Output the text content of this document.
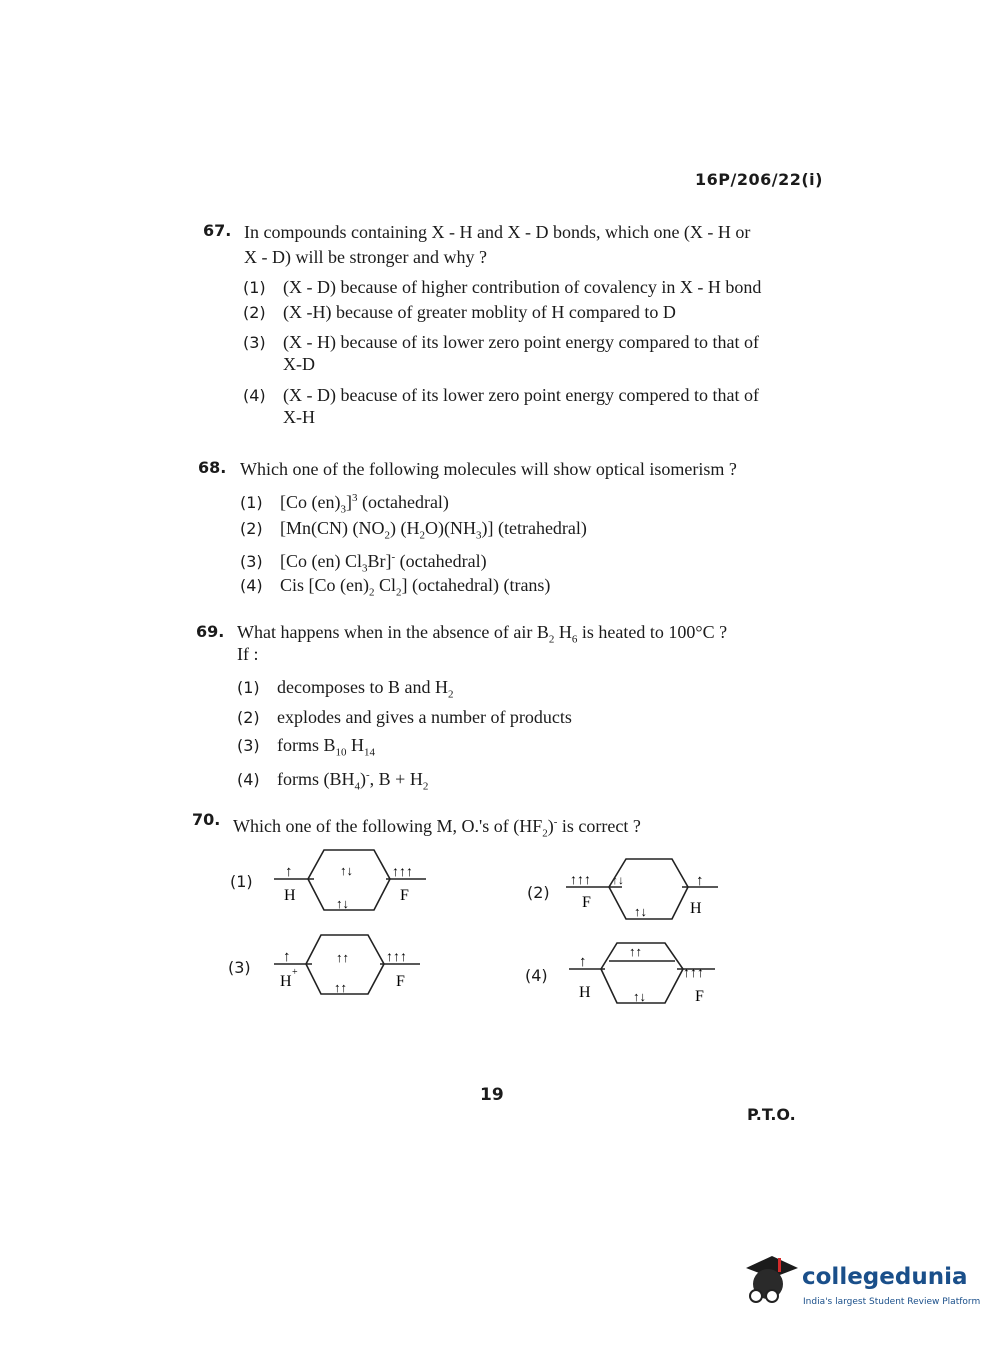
16P/206/22(i)
67. In compounds containing X - H and X - D bonds, which one (X - H or
X - D) will be stronger and why ?
(1) (X - D) because of higher contribution of covalency in X - H bond
(2) (X -H) because of greater moblity of H compared to D
(3) (X - H) because of its lower zero point energy compared to that of
X-D
(4) (X - D) beacuse of its lower zero point energy compered to that of
X-H
68. Which one of the following molecules will show optical isomerism ?
(1) [Co $(en)_3]^3$ (octahedral)
(2) [Mn(CN) $(NO_2)$ $(H_2O)(NH_3)$] (tetrahedral)
(3) [Co (en) $Cl_3Br]^-$ (octahedral)
(4) Cis [Co $(en)_2$ $Cl_2$] (octahedral) (trans)
69. What happens when in the absence of air $B_2$ $H_6$ is heated to 100°C ?
If :
(1) decomposes to B and $H_2$
(2) explodes and gives a number of products
(3) forms $B_{10}$ $H_{14}$
(4) forms $(BH_4)^-$, $B + H_2$
70. Which one of the following M, O.'s of $(HF_2)^-$ is correct ?
(1)
(2)
(3)	(4)
↑
H
↑↓
↑↓
↑↑↑
F
↑↑↑ ↑↓
F
↑↓
↑
H
↑
H
+
↑↑
↑↑
↑↑↑
F
↑
H
↑↑
↑↓
↑↑↑
F
19
P.T.O.
collegedunia
India's largest Student Review Platform
